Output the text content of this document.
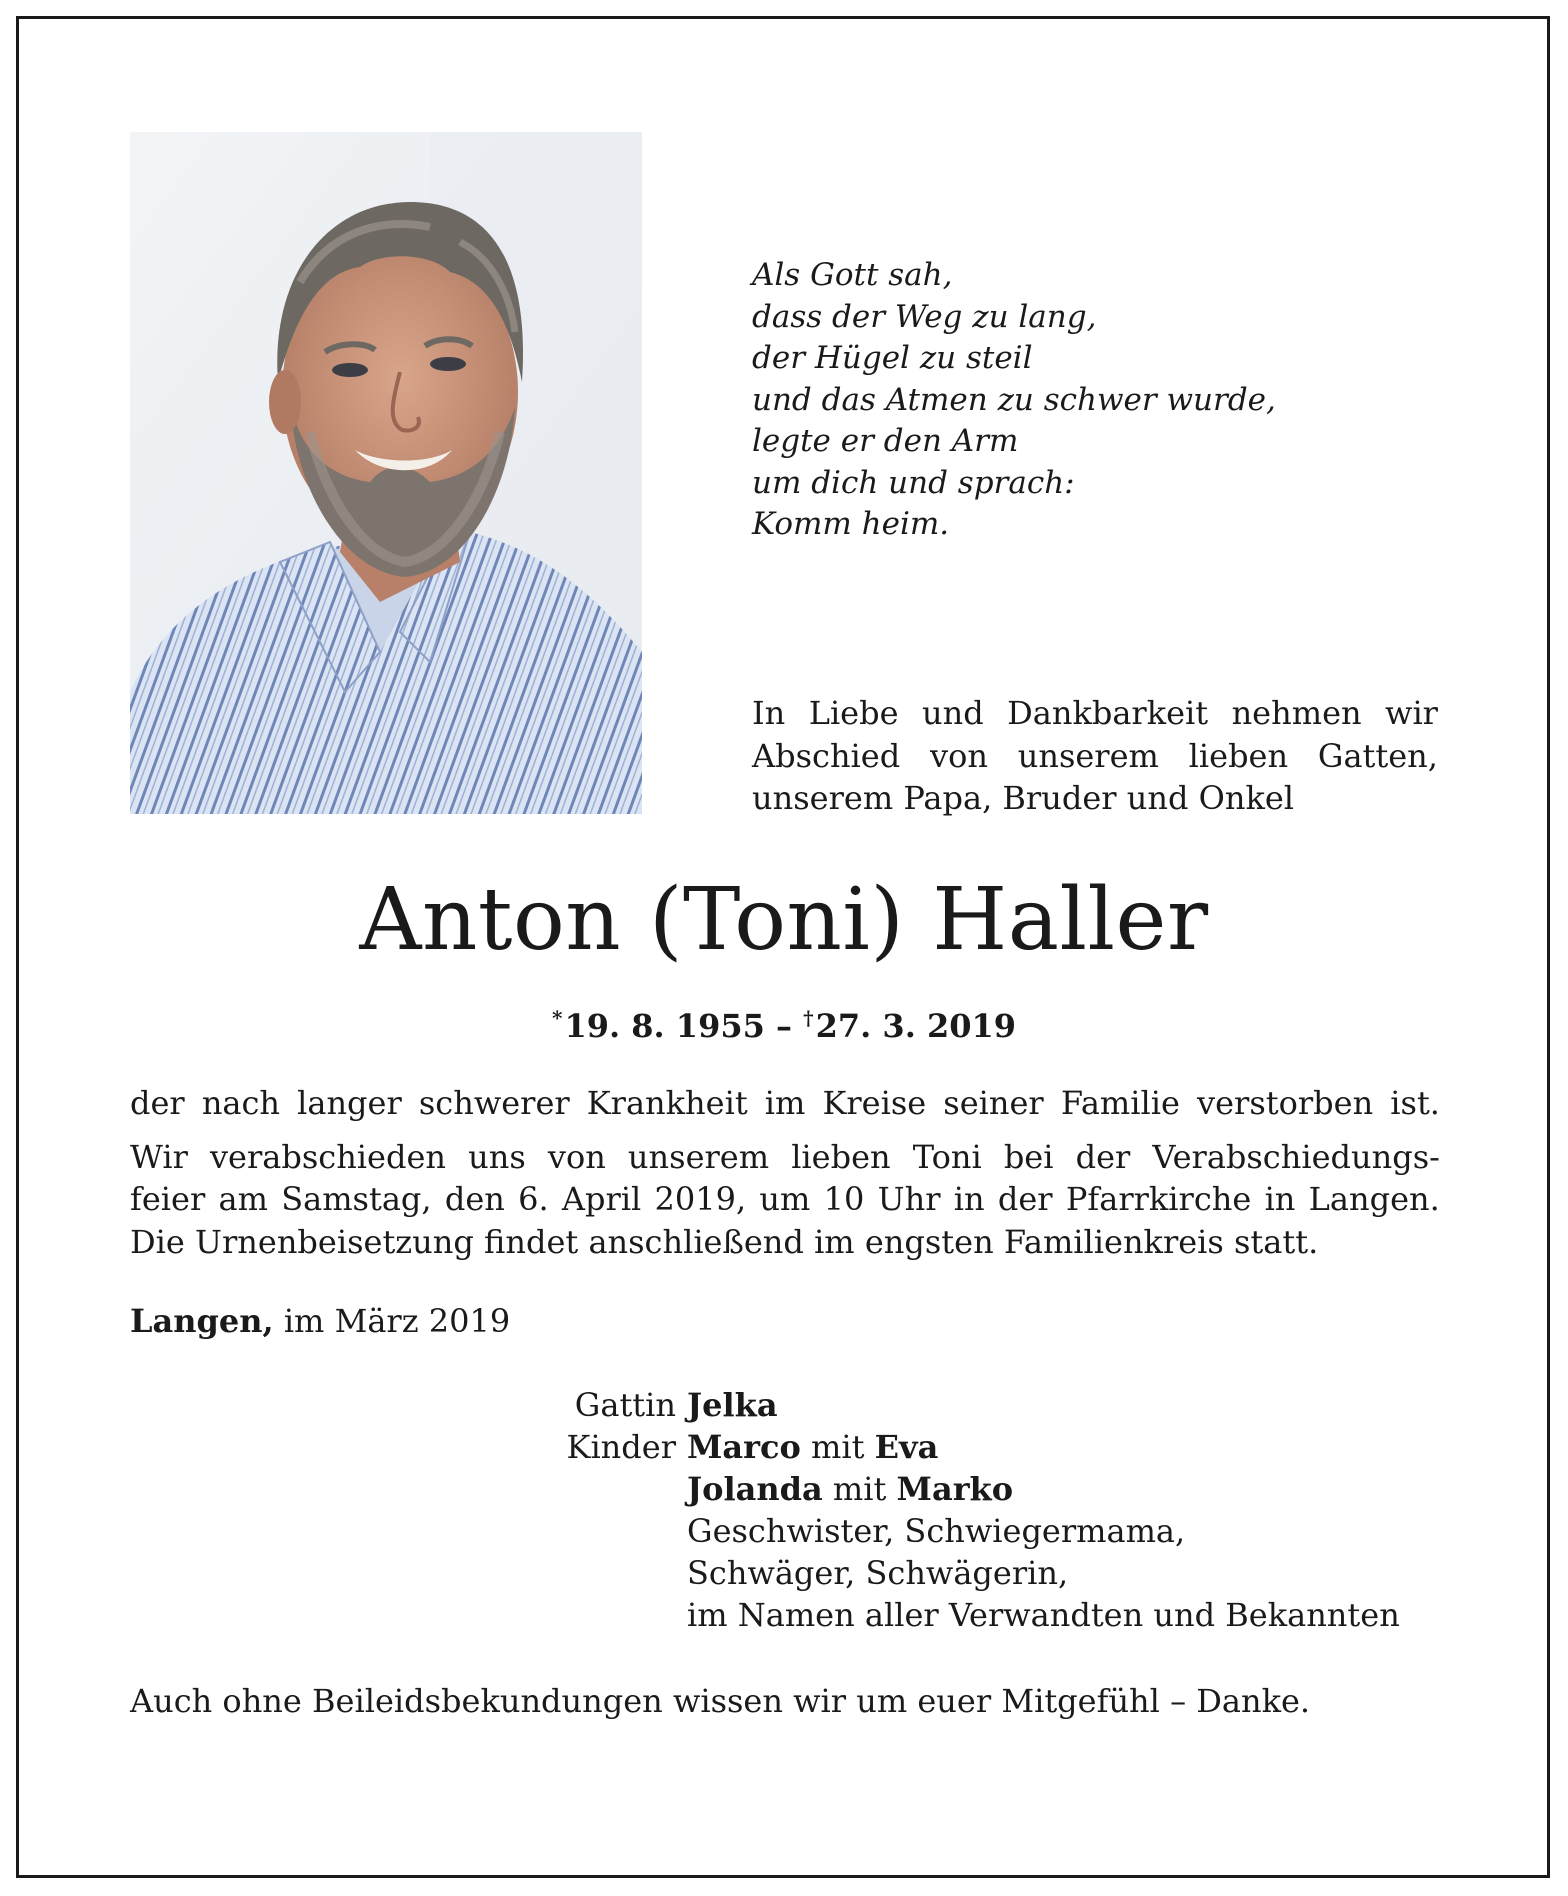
Als Gott sah,
dass der Weg zu lang,
der Hügel zu steil
und das Atmen zu schwer wurde,
legte er den Arm
um dich und sprach:
Komm heim.
In Liebe und Dankbarkeit nehmen wir
Abschied von unserem lieben Gatten,
unserem Papa, Bruder und Onkel
Anton (Toni) Haller
*19. 8. 1955 – †27. 3. 2019
der nach langer schwerer Krankheit im Kreise seiner Familie verstorben ist.
Wir verabschieden uns von unserem lieben Toni bei der Verabschiedungs-
feier am Samstag, den 6. April 2019, um 10 Uhr in der Pfarrkirche in Langen.
Die Urnenbeisetzung findet anschließend im engsten Familienkreis statt.
Langen, im März 2019
Gattin Jelka
Kinder Marco mit Eva
Jolanda mit Marko
Geschwister, Schwiegermama,
Schwäger, Schwägerin,
im Namen aller Verwandten und Bekannten
Auch ohne Beileidsbekundungen wissen wir um euer Mitgefühl – Danke.
